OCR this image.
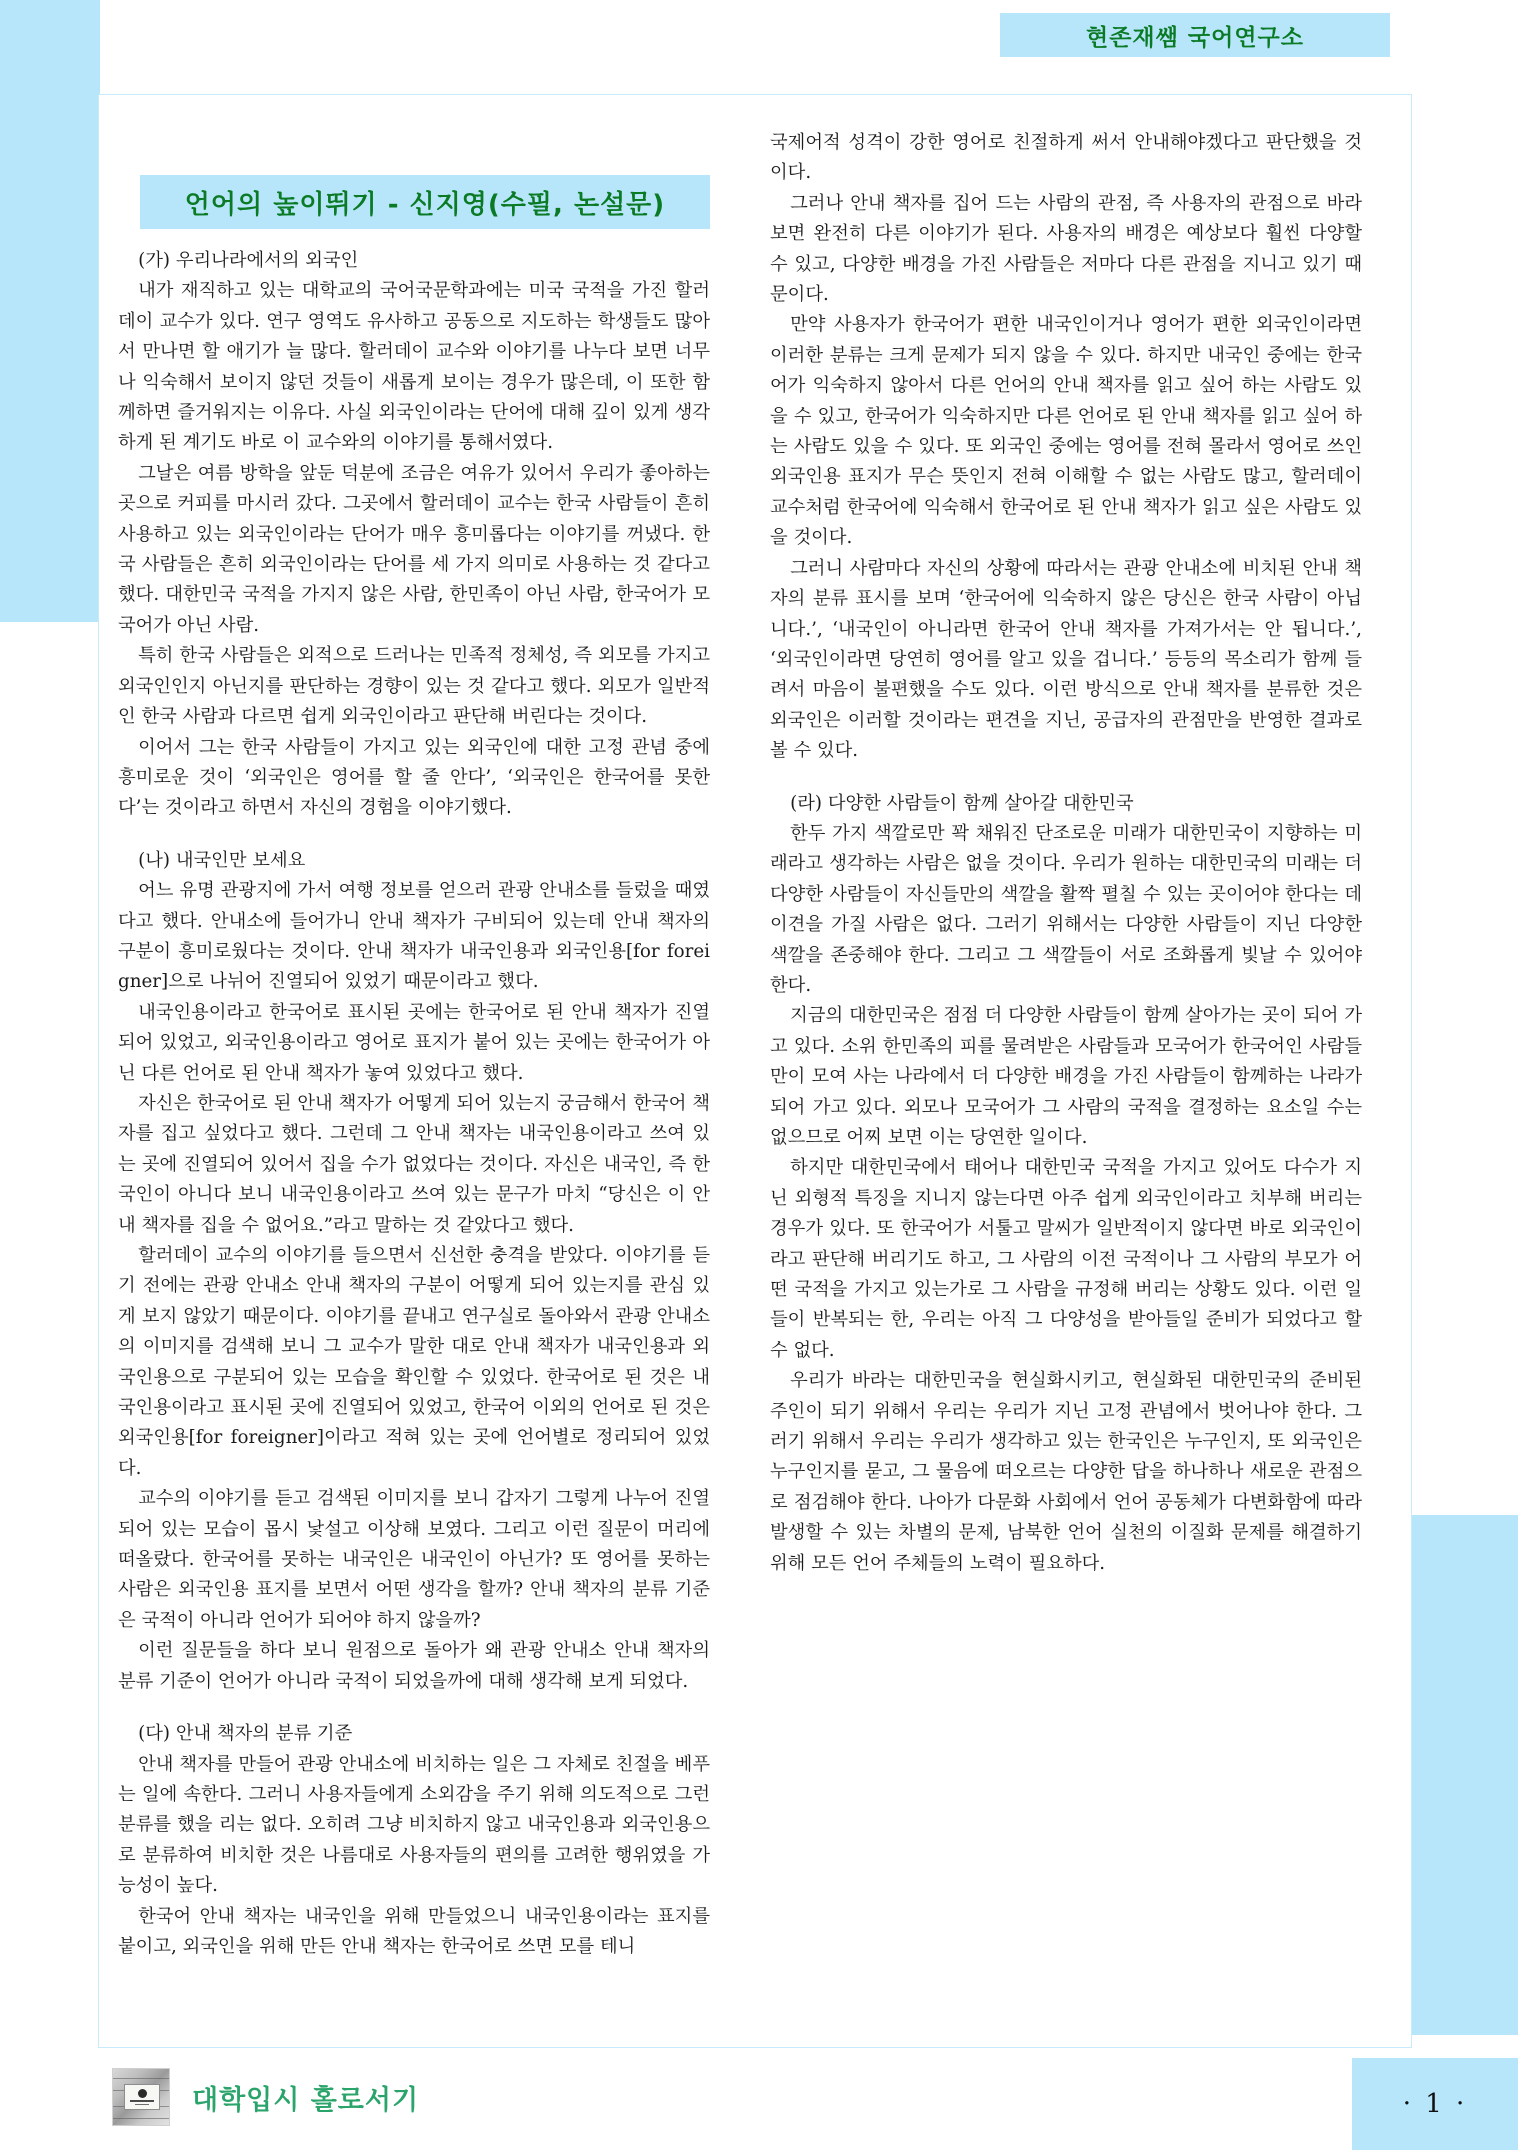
현존재쌤 국어연구소
언어의 높이뛰기 - 신지영(수필, 논설문)

(가) 우리나라에서의 외국인

내가 재직하고 있는 대학교의 국어국문학과에는 미국 국적을 가진 할러데이 교수가 있다. 연구 영역도 유사하고 공동으로 지도하는 학생들도 많아서 만나면 할 애기가 늘 많다. 할러데이 교수와 이야기를 나누다 보면 너무나 익숙해서 보이지 않던 것들이 새롭게 보이는 경우가 많은데, 이 또한 함께하면 즐거워지는 이유다. 사실 외국인이라는 단어에 대해 깊이 있게 생각하게 된 계기도 바로 이 교수와의 이야기를 통해서였다.

그날은 여름 방학을 앞둔 덕분에 조금은 여유가 있어서 우리가 좋아하는 곳으로 커피를 마시러 갔다. 그곳에서 할러데이 교수는 한국 사람들이 흔히 사용하고 있는 외국인이라는 단어가 매우 흥미롭다는 이야기를 꺼냈다. 한국 사람들은 흔히 외국인이라는 단어를 세 가지 의미로 사용하는 것 같다고 했다. 대한민국 국적을 가지지 않은 사람, 한민족이 아닌 사람, 한국어가 모국어가 아닌 사람.

특히 한국 사람들은 외적으로 드러나는 민족적 정체성, 즉 외모를 가지고 외국인인지 아닌지를 판단하는 경향이 있는 것 같다고 했다. 외모가 일반적인 한국 사람과 다르면 쉽게 외국인이라고 판단해 버린다는 것이다.

이어서 그는 한국 사람들이 가지고 있는 외국인에 대한 고정 관념 중에 흥미로운 것이 ‘외국인은 영어를 할 줄 안다’, ‘외국인은 한국어를 못한다’는 것이라고 하면서 자신의 경험을 이야기했다.

(나) 내국인만 보세요

어느 유명 관광지에 가서 여행 정보를 얻으러 관광 안내소를 들렀을 때였다고 했다. 안내소에 들어가니 안내 책자가 구비되어 있는데 안내 책자의 구분이 흥미로웠다는 것이다. 안내 책자가 내국인용과 외국인용[for foreigner]으로 나뉘어 진열되어 있었기 때문이라고 했다.

내국인용이라고 한국어로 표시된 곳에는 한국어로 된 안내 책자가 진열되어 있었고, 외국인용이라고 영어로 표지가 붙어 있는 곳에는 한국어가 아닌 다른 언어로 된 안내 책자가 놓여 있었다고 했다.

자신은 한국어로 된 안내 책자가 어떻게 되어 있는지 궁금해서 한국어 책자를 집고 싶었다고 했다. 그런데 그 안내 책자는 내국인용이라고 쓰여 있는 곳에 진열되어 있어서 집을 수가 없었다는 것이다. 자신은 내국인, 즉 한국인이 아니다 보니 내국인용이라고 쓰여 있는 문구가 마치 “당신은 이 안내 책자를 집을 수 없어요.”라고 말하는 것 같았다고 했다.

할러데이 교수의 이야기를 들으면서 신선한 충격을 받았다. 이야기를 듣기 전에는 관광 안내소 안내 책자의 구분이 어떻게 되어 있는지를 관심 있게 보지 않았기 때문이다. 이야기를 끝내고 연구실로 돌아와서 관광 안내소의 이미지를 검색해 보니 그 교수가 말한 대로 안내 책자가 내국인용과 외국인용으로 구분되어 있는 모습을 확인할 수 있었다. 한국어로 된 것은 내국인용이라고 표시된 곳에 진열되어 있었고, 한국어 이외의 언어로 된 것은 외국인용[for foreigner]이라고 적혀 있는 곳에 언어별로 정리되어 있었다.

교수의 이야기를 듣고 검색된 이미지를 보니 갑자기 그렇게 나누어 진열되어 있는 모습이 몹시 낯설고 이상해 보였다. 그리고 이런 질문이 머리에 떠올랐다. 한국어를 못하는 내국인은 내국인이 아닌가? 또 영어를 못하는 사람은 외국인용 표지를 보면서 어떤 생각을 할까? 안내 책자의 분류 기준은 국적이 아니라 언어가 되어야 하지 않을까?

이런 질문들을 하다 보니 원점으로 돌아가 왜 관광 안내소 안내 책자의 분류 기준이 언어가 아니라 국적이 되었을까에 대해 생각해 보게 되었다.

(다) 안내 책자의 분류 기준

안내 책자를 만들어 관광 안내소에 비치하는 일은 그 자체로 친절을 베푸는 일에 속한다. 그러니 사용자들에게 소외감을 주기 위해 의도적으로 그런 분류를 했을 리는 없다. 오히려 그냥 비치하지 않고 내국인용과 외국인용으로 분류하여 비치한 것은 나름대로 사용자들의 편의를 고려한 행위였을 가능성이 높다.

한국어 안내 책자는 내국인을 위해 만들었으니 내국인용이라는 표지를 붙이고, 외국인을 위해 만든 안내 책자는 한국어로 쓰면 모를 테니

국제어적 성격이 강한 영어로 친절하게 써서 안내해야겠다고 판단했을 것이다.

그러나 안내 책자를 집어 드는 사람의 관점, 즉 사용자의 관점으로 바라보면 완전히 다른 이야기가 된다. 사용자의 배경은 예상보다 훨씬 다양할 수 있고, 다양한 배경을 가진 사람들은 저마다 다른 관점을 지니고 있기 때문이다.

만약 사용자가 한국어가 편한 내국인이거나 영어가 편한 외국인이라면 이러한 분류는 크게 문제가 되지 않을 수 있다. 하지만 내국인 중에는 한국어가 익숙하지 않아서 다른 언어의 안내 책자를 읽고 싶어 하는 사람도 있을 수 있고, 한국어가 익숙하지만 다른 언어로 된 안내 책자를 읽고 싶어 하는 사람도 있을 수 있다. 또 외국인 중에는 영어를 전혀 몰라서 영어로 쓰인 외국인용 표지가 무슨 뜻인지 전혀 이해할 수 없는 사람도 많고, 할러데이 교수처럼 한국어에 익숙해서 한국어로 된 안내 책자가 읽고 싶은 사람도 있을 것이다.

그러니 사람마다 자신의 상황에 따라서는 관광 안내소에 비치된 안내 책자의 분류 표시를 보며 ‘한국어에 익숙하지 않은 당신은 한국 사람이 아닙니다.’, ‘내국인이 아니라면 한국어 안내 책자를 가져가서는 안 됩니다.’, ‘외국인이라면 당연히 영어를 알고 있을 겁니다.’ 등등의 목소리가 함께 들려서 마음이 불편했을 수도 있다. 이런 방식으로 안내 책자를 분류한 것은 외국인은 이러할 것이라는 편견을 지닌, 공급자의 관점만을 반영한 결과로 볼 수 있다.

(라) 다양한 사람들이 함께 살아갈 대한민국

한두 가지 색깔로만 꽉 채워진 단조로운 미래가 대한민국이 지향하는 미래라고 생각하는 사람은 없을 것이다. 우리가 원하는 대한민국의 미래는 더 다양한 사람들이 자신들만의 색깔을 활짝 펼칠 수 있는 곳이어야 한다는 데 이견을 가질 사람은 없다. 그러기 위해서는 다양한 사람들이 지닌 다양한 색깔을 존중해야 한다. 그리고 그 색깔들이 서로 조화롭게 빛날 수 있어야 한다.

지금의 대한민국은 점점 더 다양한 사람들이 함께 살아가는 곳이 되어 가고 있다. 소위 한민족의 피를 물려받은 사람들과 모국어가 한국어인 사람들만이 모여 사는 나라에서 더 다양한 배경을 가진 사람들이 함께하는 나라가 되어 가고 있다. 외모나 모국어가 그 사람의 국적을 결정하는 요소일 수는 없으므로 어찌 보면 이는 당연한 일이다.

하지만 대한민국에서 태어나 대한민국 국적을 가지고 있어도 다수가 지닌 외형적 특징을 지니지 않는다면 아주 쉽게 외국인이라고 치부해 버리는 경우가 있다. 또 한국어가 서툴고 말씨가 일반적이지 않다면 바로 외국인이라고 판단해 버리기도 하고, 그 사람의 이전 국적이나 그 사람의 부모가 어떤 국적을 가지고 있는가로 그 사람을 규정해 버리는 상황도 있다. 이런 일들이 반복되는 한, 우리는 아직 그 다양성을 받아들일 준비가 되었다고 할 수 없다.

우리가 바라는 대한민국을 현실화시키고, 현실화된 대한민국의 준비된 주인이 되기 위해서 우리는 우리가 지닌 고정 관념에서 벗어나야 한다. 그러기 위해서 우리는 우리가 생각하고 있는 한국인은 누구인지, 또 외국인은 누구인지를 묻고, 그 물음에 떠오르는 다양한 답을 하나하나 새로운 관점으로 점검해야 한다. 나아가 다문화 사회에서 언어 공동체가 다변화함에 따라 발생할 수 있는 차별의 문제, 남북한 언어 실천의 이질화 문제를 해결하기 위해 모든 언어 주체들의 노력이 필요하다.

대학입시 홀로서기	· 1 ·
